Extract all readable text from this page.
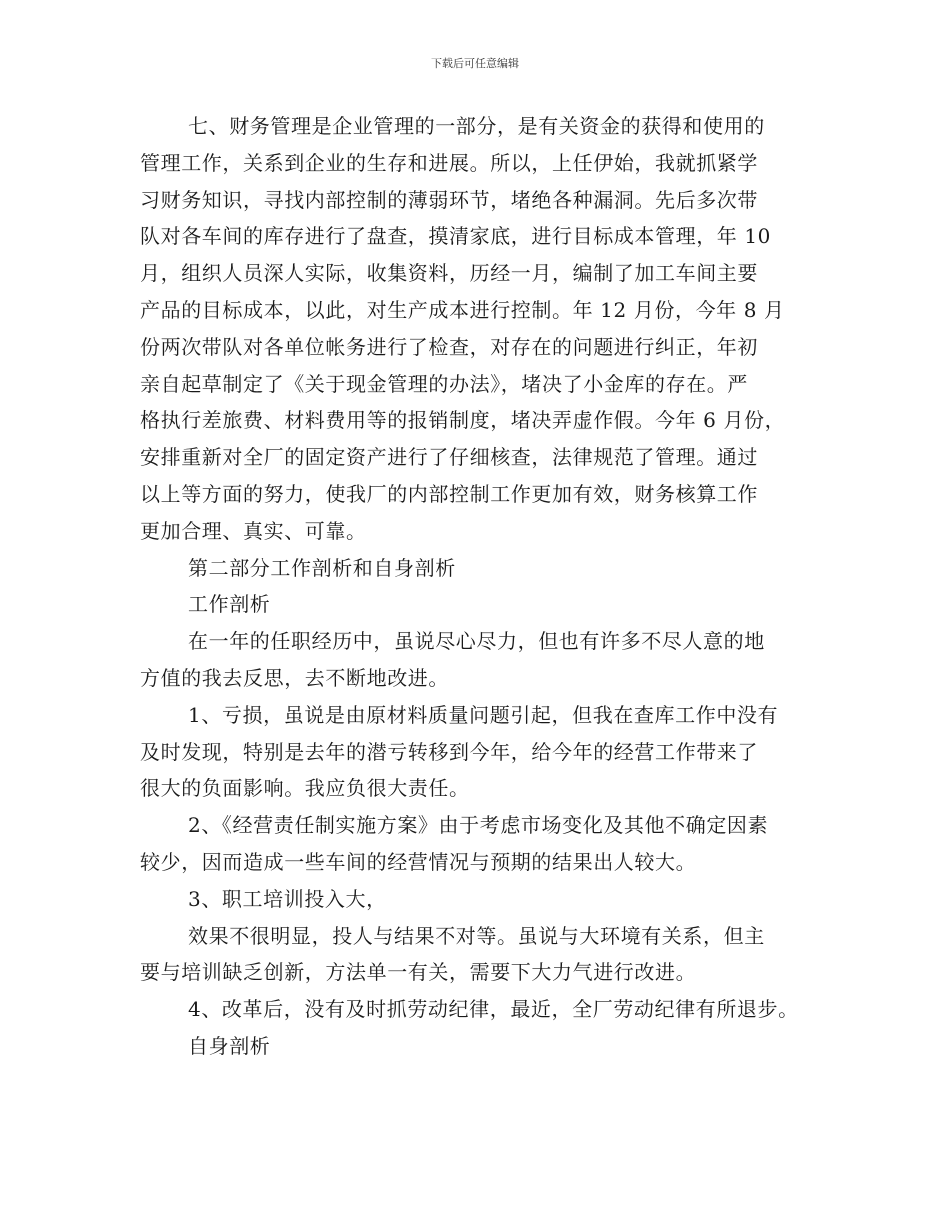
下载后可任意编辑
七、财务管理是企业管理的一部分，是有关资金的获得和使用的
管理工作，关系到企业的生存和进展。所以，上任伊始，我就抓紧学
习财务知识，寻找内部控制的薄弱环节，堵绝各种漏洞。先后多次带
队对各车间的库存进行了盘查，摸清家底，进行目标成本管理，年 10
月，组织人员深人实际，收集资料，历经一月，编制了加工车间主要
产品的目标成本，以此，对生产成本进行控制。年 12 月份，今年 8 月
份两次带队对各单位帐务进行了检查，对存在的问题进行纠正，年初
亲自起草制定了《关于现金管理的办法》，堵决了小金库的存在。严
格执行差旅费、材料费用等的报销制度，堵决弄虚作假。今年 6 月份，
安排重新对全厂的固定资产进行了仔细核查，法律规范了管理。通过
以上等方面的努力，使我厂的内部控制工作更加有效，财务核算工作
更加合理、真实、可靠。
第二部分工作剖析和自身剖析
工作剖析
在一年的任职经历中，虽说尽心尽力，但也有许多不尽人意的地
方值的我去反思，去不断地改进。
1、亏损，虽说是由原材料质量问题引起，但我在查库工作中没有
及时发现，特别是去年的潜亏转移到今年，给今年的经营工作带来了
很大的负面影响。我应负很大责任。
2、《经营责任制实施方案》由于考虑市场变化及其他不确定因素
较少，因而造成一些车间的经营情况与预期的结果出人较大。
3、职工培训投入大，
效果不很明显，投人与结果不对等。虽说与大环境有关系，但主
要与培训缺乏创新，方法单一有关，需要下大力气进行改进。
4、改革后，没有及时抓劳动纪律，最近，全厂劳动纪律有所退步。
自身剖析
